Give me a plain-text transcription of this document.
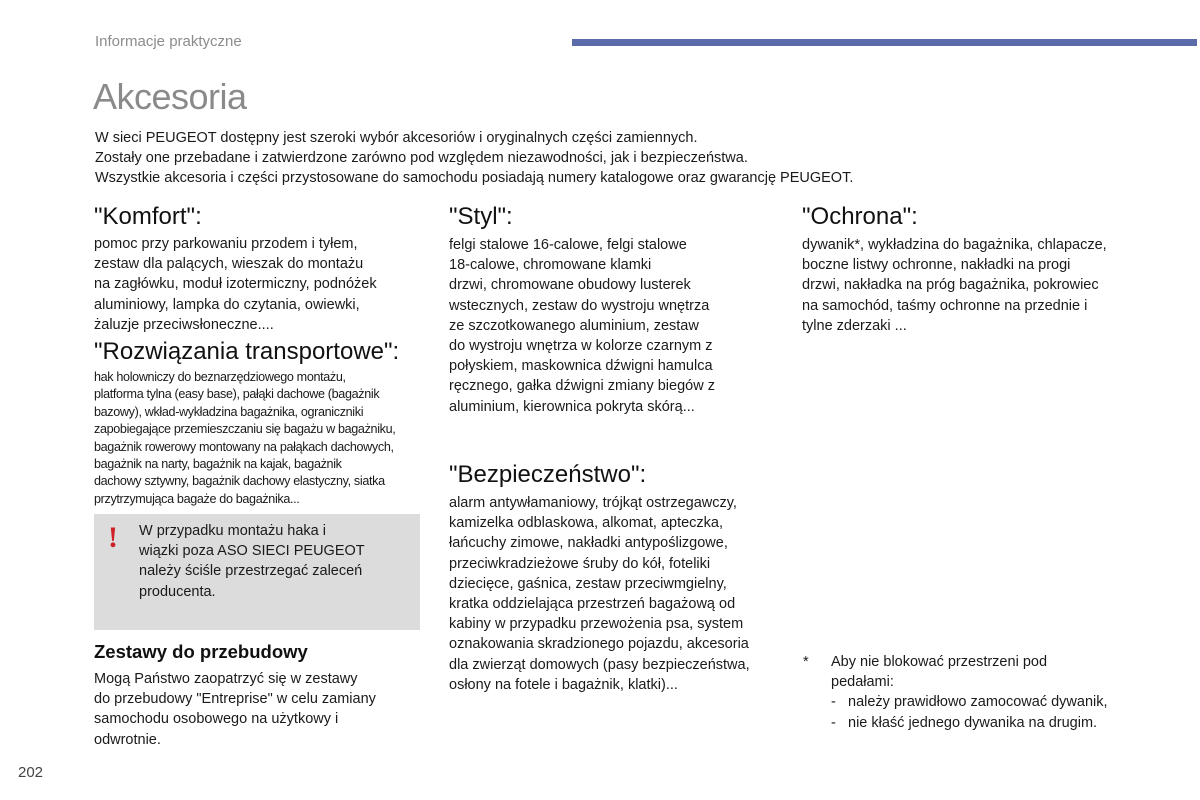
Informacje praktyczne
Akcesoria

W sieci PEUGEOT dostępny jest szeroki wybór akcesoriów i oryginalnych części zamiennych.

Zostały one przebadane i zatwierdzone zarówno pod względem niezawodności, jak i bezpieczeństwa.

Wszystkie akcesoria i części przystosowane do samochodu posiadają numery katalogowe oraz gwarancję PEUGEOT.

"Komfort":
pomoc przy parkowaniu przodem i tyłem,
zestaw dla palących, wieszak do montażu
na zagłówku, moduł izotermiczny, podnóżek
aluminiowy, lampka do czytania, owiewki,
żaluzje przeciwsłoneczne....
"Rozwiązania transportowe":
hak holowniczy do beznarzędziowego montażu,
platforma tylna (easy base), pałąki dachowe (bagażnik
bazowy), wkład-wykładzina bagażnika, ograniczniki
zapobiegające przemieszczaniu się bagażu w bagażniku,
bagażnik rowerowy montowany na pałąkach dachowych,
bagażnik na narty, bagażnik na kajak, bagażnik
dachowy sztywny, bagażnik dachowy elastyczny, siatka
przytrzymująca bagaże do bagażnika...
! W przypadku montażu haka i
wiązki poza ASO SIECI PEUGEOT
należy ściśle przestrzegać zaleceń
producenta.
Zestawy do przebudowy
Mogą Państwo zaopatrzyć się w zestawy
do przebudowy "Entreprise" w celu zamiany
samochodu osobowego na użytkowy i
odwrotnie.
"Styl":
felgi stalowe 16-calowe, felgi stalowe
18-calowe, chromowane klamki
drzwi, chromowane obudowy lusterek
wstecznych, zestaw do wystroju wnętrza
ze szczotkowanego aluminium, zestaw
do wystroju wnętrza w kolorze czarnym z
połyskiem, maskownica dźwigni hamulca
ręcznego, gałka dźwigni zmiany biegów z
aluminium, kierownica pokryta skórą...
"Bezpieczeństwo":
alarm antywłamaniowy, trójkąt ostrzegawczy,
kamizelka odblaskowa, alkomat, apteczka,
łańcuchy zimowe, nakładki antypoślizgowe,
przeciwkradzieżowe śruby do kół, foteliki
dziecięce, gaśnica, zestaw przeciwmgielny,
kratka oddzielająca przestrzeń bagażową od
kabiny w przypadku przewożenia psa, system
oznakowania skradzionego pojazdu, akcesoria
dla zwierząt domowych (pasy bezpieczeństwa,
osłony na fotele i bagażnik, klatki)...
"Ochrona":
dywanik*, wykładzina do bagażnika, chlapacze,
boczne listwy ochronne, nakładki na progi
drzwi, nakładka na próg bagażnika, pokrowiec
na samochód, taśmy ochronne na przednie i
tylne zderzaki ...
* Aby nie blokować przestrzeni pod
pedałami:
- należy prawidłowo zamocować dywanik,
- nie kłaść jednego dywanika na drugim.
202
